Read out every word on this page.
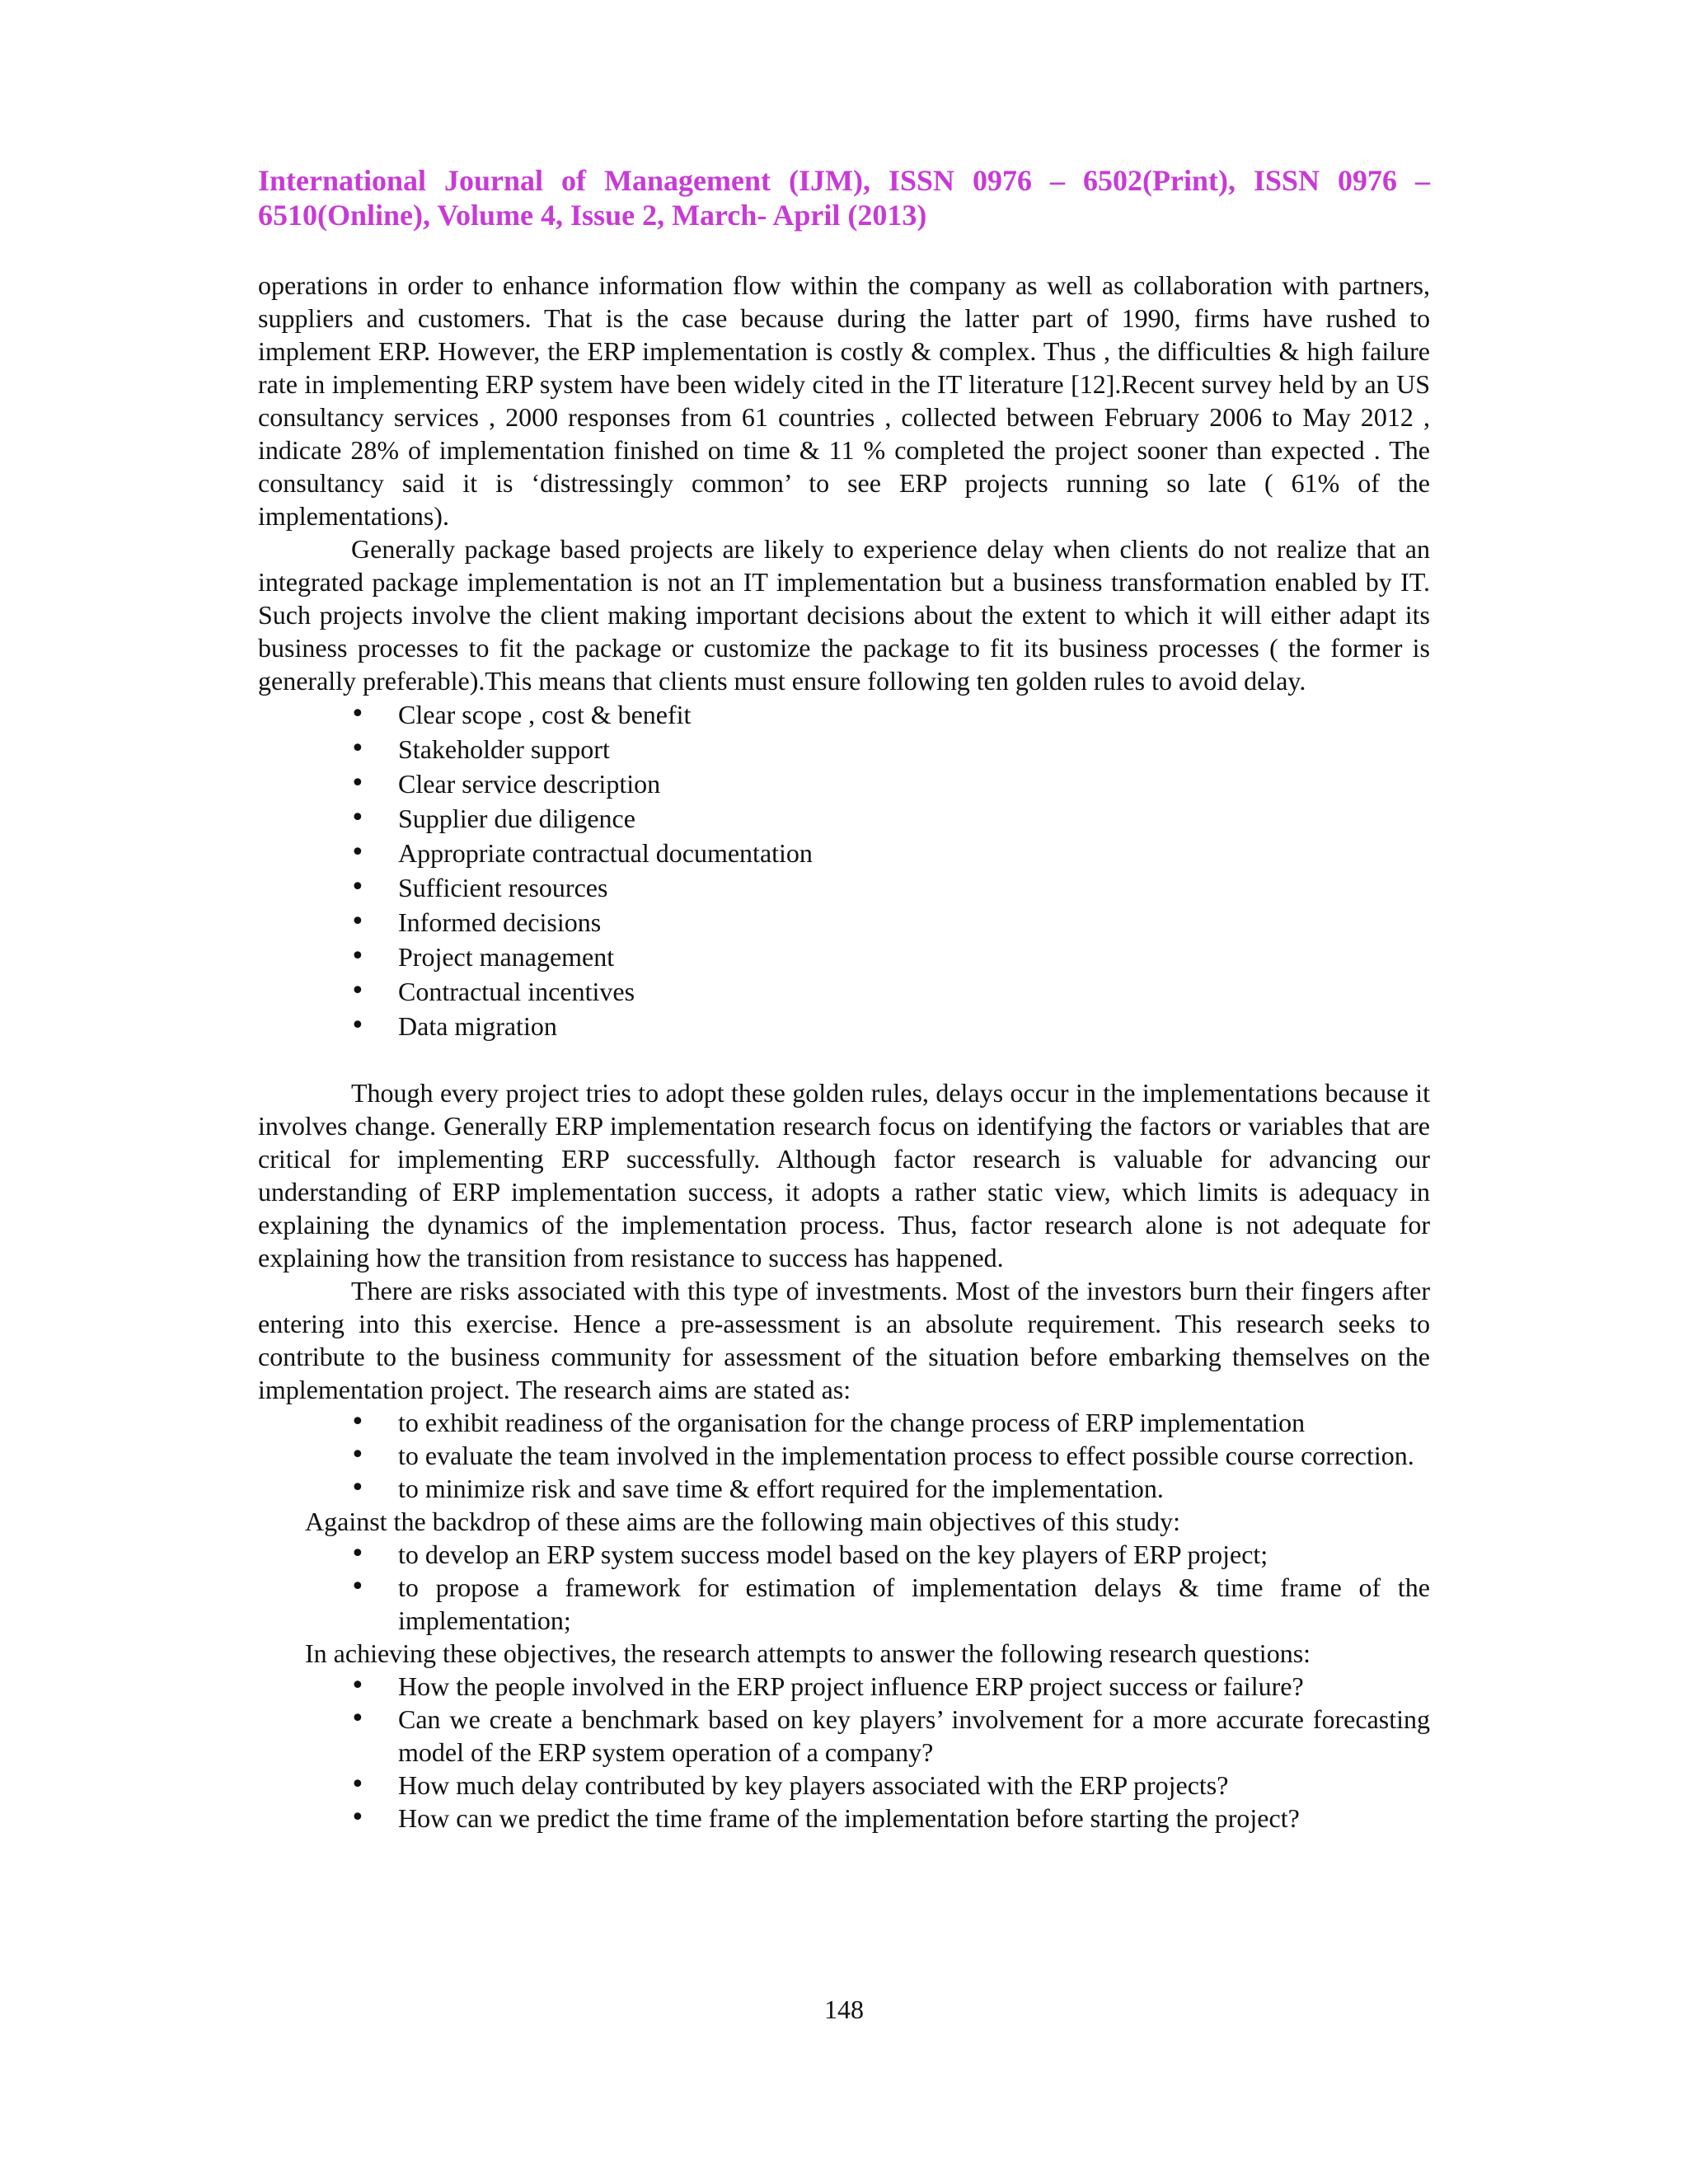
International Journal of Management (IJM), ISSN 0976 – 6502(Print), ISSN 0976 – 6510(Online), Volume 4, Issue 2, March- April (2013)

operations in order to enhance information flow within the company as well as collaboration with partners, suppliers and customers. That is the case because during the latter part of 1990, firms have rushed to implement ERP. However, the ERP implementation is costly & complex. Thus , the difficulties & high failure rate in implementing ERP system have been widely cited in the IT literature [12].Recent survey held by an US consultancy services , 2000 responses from 61 countries , collected between February 2006 to May 2012 , indicate 28% of implementation finished on time & 11 % completed the project sooner than expected . The consultancy said it is ‘distressingly common’ to see ERP projects running so late ( 61% of the implementations).

Generally package based projects are likely to experience delay when clients do not realize that an integrated package implementation is not an IT implementation but a business transformation enabled by IT. Such projects involve the client making important decisions about the extent to which it will either adapt its business processes to fit the package or customize the package to fit its business processes ( the former is generally preferable).This means that clients must ensure following ten golden rules to avoid delay.

• Clear scope , cost & benefit
• Stakeholder support
• Clear service description
• Supplier due diligence
• Appropriate contractual documentation
• Sufficient resources
• Informed decisions
• Project management
• Contractual incentives
• Data migration

Though every project tries to adopt these golden rules, delays occur in the implementations because it involves change. Generally ERP implementation research focus on identifying the factors or variables that are critical for implementing ERP successfully. Although factor research is valuable for advancing our understanding of ERP implementation success, it adopts a rather static view, which limits is adequacy in explaining the dynamics of the implementation process. Thus, factor research alone is not adequate for explaining how the transition from resistance to success has happened.

There are risks associated with this type of investments. Most of the investors burn their fingers after entering into this exercise. Hence a pre-assessment is an absolute requirement. This research seeks to contribute to the business community for assessment of the situation before embarking themselves on the implementation project. The research aims are stated as:

• to exhibit readiness of the organisation for the change process of ERP implementation
• to evaluate the team involved in the implementation process to effect possible course correction.
• to minimize risk and save time & effort required for the implementation.

Against the backdrop of these aims are the following main objectives of this study:

• to develop an ERP system success model based on the key players of ERP project;
• to propose a framework for estimation of implementation delays & time frame of the implementation;

In achieving these objectives, the research attempts to answer the following research questions:

• How the people involved in the ERP project influence ERP project success or failure?
• Can we create a benchmark based on key players’ involvement for a more accurate forecasting model of the ERP system operation of a company?
• How much delay contributed by key players associated with the ERP projects?
• How can we predict the time frame of the implementation before starting the project?
148
